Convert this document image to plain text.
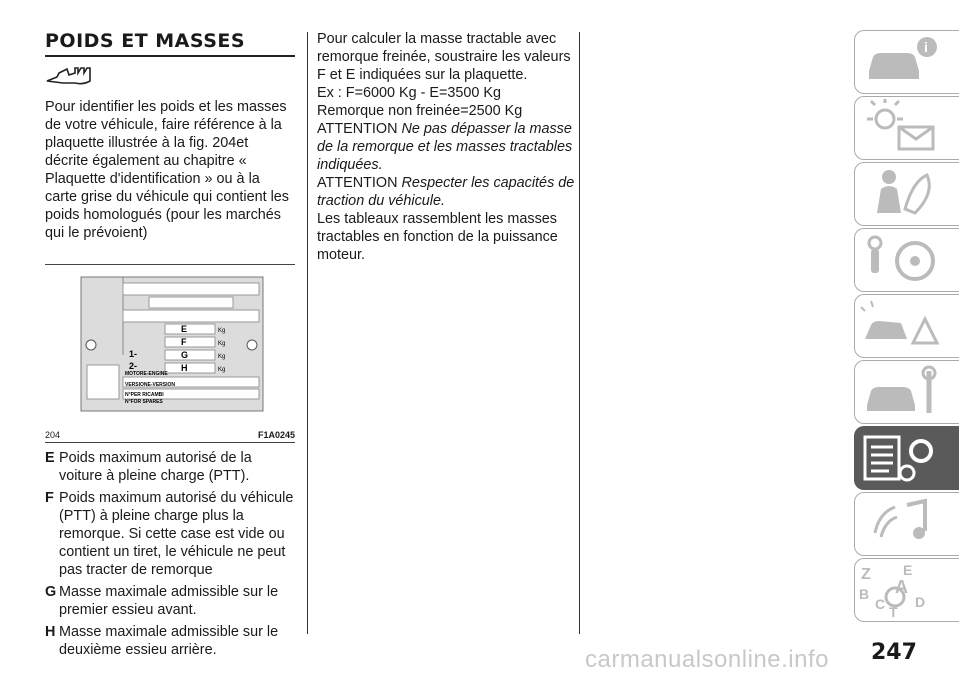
POIDS ET MASSES

Pour identifier les poids et les masses de votre véhicule, faire référence à la plaquette illustrée à la fig. 204et décrite également au chapitre « Plaquette d'identification » ou à la carte grise du véhicule qui contient les poids homologués (pour les marchés qui le prévoient)

E
F
G
H
Kg
Kg
Kg
Kg
1-
2-
MOTORE-ENGINE
VERSIONE-VERSION
N°PER RICAMBI
N°FOR SPARES
204	F1A0245
E Poids maximum autorisé de la voiture à pleine charge (PTT).
F Poids maximum autorisé du véhicule (PTT) à pleine charge plus la remorque. Si cette case est vide ou contient un tiret, le véhicule ne peut pas tracter de remorque
G Masse maximale admissible sur le premier essieu avant.
H Masse maximale admissible sur le deuxième essieu arrière.

Pour calculer la masse tractable avec remorque freinée, soustraire les valeurs F et E indiquées sur la plaquette.

Ex : F=6000 Kg - E=3500 Kg

Remorque non freinée=2500 Kg

ATTENTION Ne pas dépasser la masse de la remorque et les masses tractables indiquées.

ATTENTION Respecter les capacités de traction du véhicule.

Les tableaux rassemblent les masses tractables en fonction de la puissance moteur.

i
Z E
A
B
C D
T
247
carmanualsonline.info
